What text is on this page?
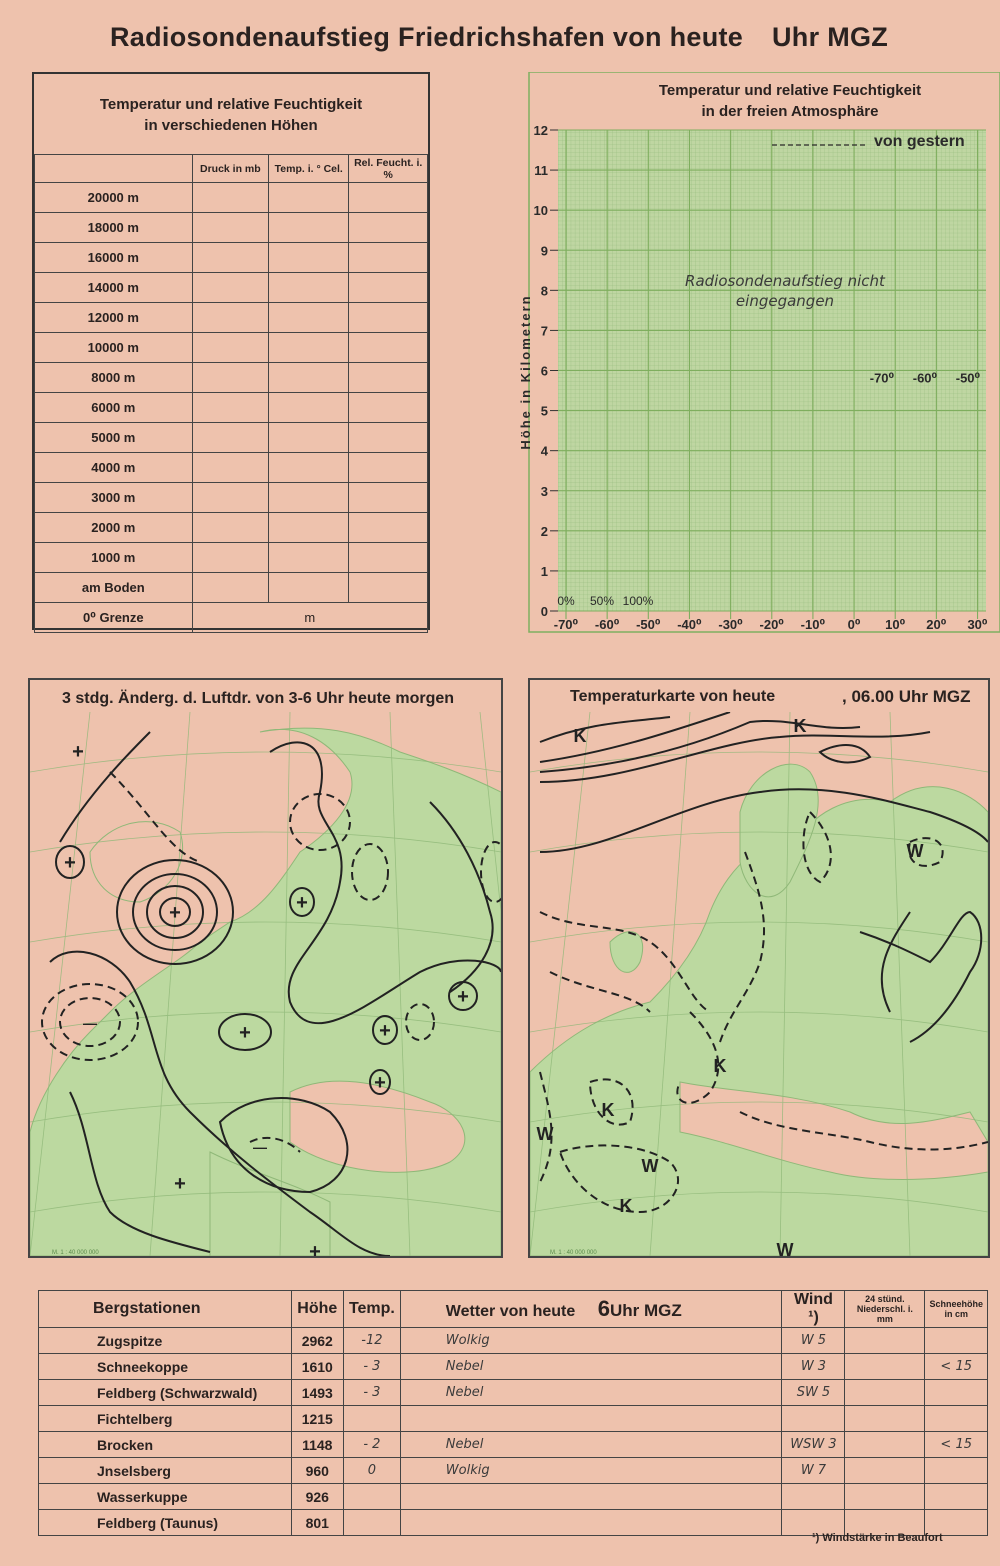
Radiosondenaufstieg Friedrichshafen von heute Uhr MGZ
Temperatur und relative Feuchtigkeit
in verschiedenen Höhen
	Druck in mb	Temp. i. ° Cel.	Rel. Feucht. i. %
20000 m			
18000 m			
16000 m			
14000 m			
12000 m			
10000 m			
8000 m			
6000 m			
5000 m			
4000 m			
3000 m			
2000 m			
1000 m			
am Boden			
0⁰ Grenze	m		
Temperatur und relative Feuchtigkeit
in der freien Atmosphäre
0
1
2
3
4
5
6
7
8
9
10
11
12
-70⁰ -60⁰ -50⁰ -40⁰ -30⁰ -20⁰ -10⁰ 0⁰ 10⁰ 20⁰ 30⁰
Höhe in Kilometern
von gestern
Radiosondenaufstieg nicht
eingegangen
-70⁰ -60⁰ -50⁰
0% 50% 100%
3 stdg. Änderg. d. Luftdr. von 3-6 Uhr heute morgen
+
+
+
+	+
+
+
+
+
+
—
—
M. 1 : 40 000 000
Temperaturkarte von heute	, 06.00 Uhr MGZ
K	K
K
K
K
W
W
W
W
M. 1 : 40 000 000
Bergstationen	Höhe	Temp.	Wetter von heute 6Uhr MGZ	Wind ¹)	24 stünd. Niederschl. i. mm	Schneehöhe in cm
Zugspitze	2962	-12	Wolkig	W 5		
Schneekoppe	1610	- 3	Nebel	W 3		< 15
Feldberg (Schwarzwald)	1493	- 3	Nebel	SW 5		
Fichtelberg	1215					
Brocken	1148	- 2	Nebel	WSW 3		< 15
Jnselsberg	960	0	Wolkig	W 7		
Wasserkuppe	926					
Feldberg (Taunus)	801					
¹) Windstärke in Beaufort
